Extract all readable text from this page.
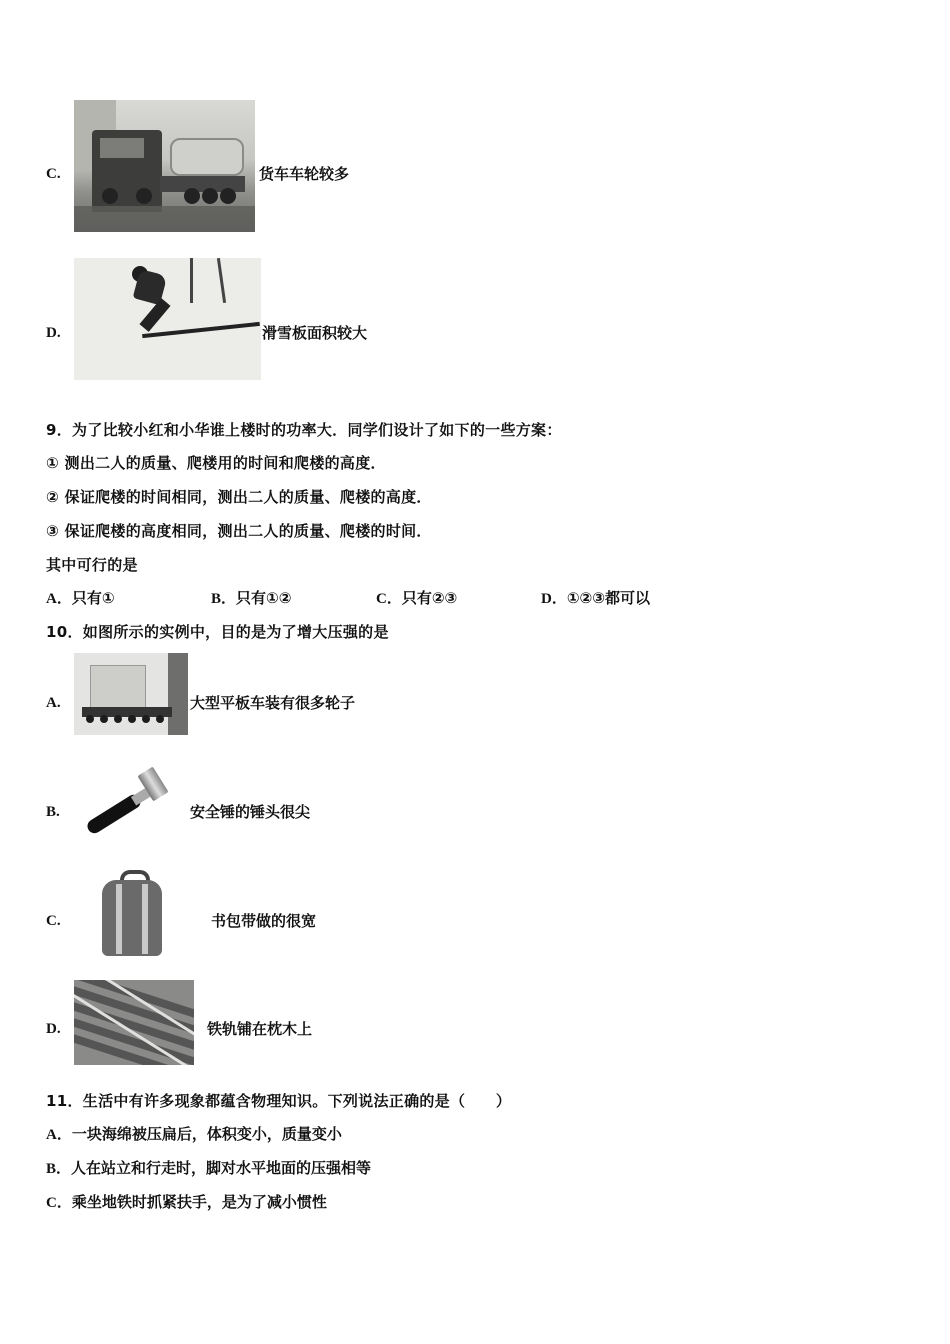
C.	货车车轮较多
D.	滑雪板面积较大
9．为了比较小红和小华谁上楼时的功率大．同学们设计了如下的一些方案：
① 测出二人的质量、爬楼用的时间和爬楼的高度．
② 保证爬楼的时间相同，测出二人的质量、爬楼的高度．
③ 保证爬楼的高度相同，测出二人的质量、爬楼的时间．
其中可行的是
A．只有①	B．只有①②	C．只有②③	D．①②③都可以
10．如图所示的实例中，目的是为了增大压强的是
A.	大型平板车装有很多轮子
B.	安全锤的锤头很尖
C.	书包带做的很宽
D.	铁轨铺在枕木上
11．生活中有许多现象都蕴含物理知识。下列说法正确的是（　　）
A．一块海绵被压扁后，体积变小，质量变小
B．人在站立和行走时，脚对水平地面的压强相等
C．乘坐地铁时抓紧扶手，是为了减小惯性
